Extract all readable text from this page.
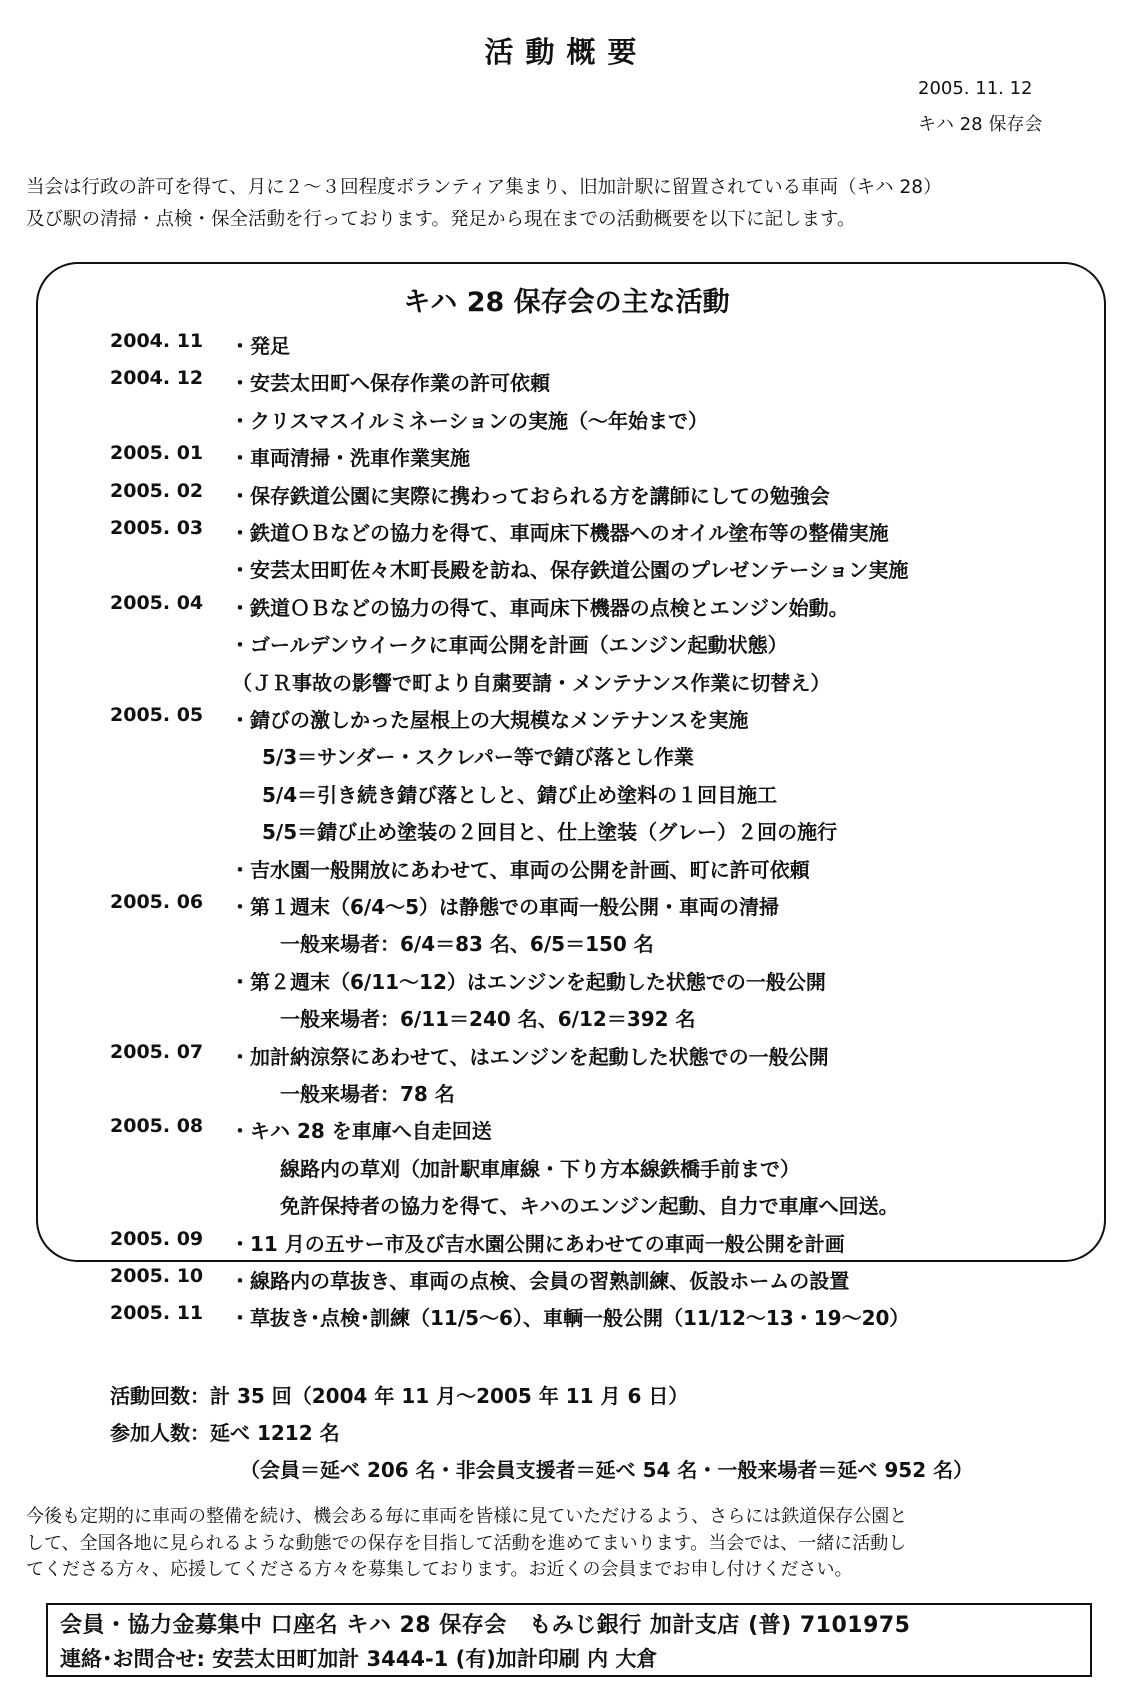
活動概要
2005. 11. 12
キハ 28 保存会
当会は行政の許可を得て、月に２～３回程度ボランティア集まり、旧加計駅に留置されている車両（キハ 28）
及び駅の清掃・点検・保全活動を行っております。発足から現在までの活動概要を以下に記します。
キハ 28 保存会の主な活動
2004. 11 ・発足
2004. 12 ・安芸太田町へ保存作業の許可依頼
・クリスマスイルミネーションの実施（～年始まで）
2005. 01 ・車両清掃・洗車作業実施
2005. 02 ・保存鉄道公園に実際に携わっておられる方を講師にしての勉強会
2005. 03 ・鉄道ＯＢなどの協力を得て、車両床下機器へのオイル塗布等の整備実施
・安芸太田町佐々木町長殿を訪ね、保存鉄道公園のプレゼンテーション実施
2005. 04 ・鉄道ＯＢなどの協力の得て、車両床下機器の点検とエンジン始動。
・ゴールデンウイークに車両公開を計画（エンジン起動状態）
（ＪＲ事故の影響で町より自粛要請・メンテナンス作業に切替え）
2005. 05 ・錆びの激しかった屋根上の大規模なメンテナンスを実施
5/3＝サンダー・スクレパー等で錆び落とし作業
5/4＝引き続き錆び落としと、錆び止め塗料の１回目施工
5/5＝錆び止め塗装の２回目と、仕上塗装（グレー）２回の施行
・吉水園一般開放にあわせて、車両の公開を計画、町に許可依頼
2005. 06 ・第１週末（6/4～5）は静態での車両一般公開・車両の清掃
一般来場者：6/4＝83 名、6/5＝150 名
・第２週末（6/11～12）はエンジンを起動した状態での一般公開
一般来場者：6/11＝240 名、6/12＝392 名
2005. 07 ・加計納涼祭にあわせて、はエンジンを起動した状態での一般公開
一般来場者：78 名
2005. 08 ・キハ 28 を車庫へ自走回送
線路内の草刈（加計駅車庫線・下り方本線鉄橋手前まで）
免許保持者の協力を得て、キハのエンジン起動、自力で車庫へ回送。
2005. 09 ・11 月の五サー市及び吉水園公開にあわせての車両一般公開を計画
2005. 10 ・線路内の草抜き、車両の点検、会員の習熟訓練、仮設ホームの設置
2005. 11 ・草抜き･点検･訓練（11/5～6）、車輌一般公開（11/12～13・19～20）
活動回数：計 35 回（2004 年 11 月～2005 年 11 月 6 日）
参加人数：延べ 1212 名
（会員＝延べ 206 名・非会員支援者＝延べ 54 名・一般来場者＝延べ 952 名）
今後も定期的に車両の整備を続け、機会ある毎に車両を皆様に見ていただけるよう、さらには鉄道保存公園と
して、全国各地に見られるような動態での保存を目指して活動を進めてまいります。当会では、一緒に活動し
てくださる方々、応援してくださる方々を募集しております。お近くの会員までお申し付けください。
会員・協力金募集中 口座名 キハ 28 保存会　もみじ銀行 加計支店 (普) 7101975
連絡･お問合せ: 安芸太田町加計 3444-1 (有)加計印刷 内 大倉
